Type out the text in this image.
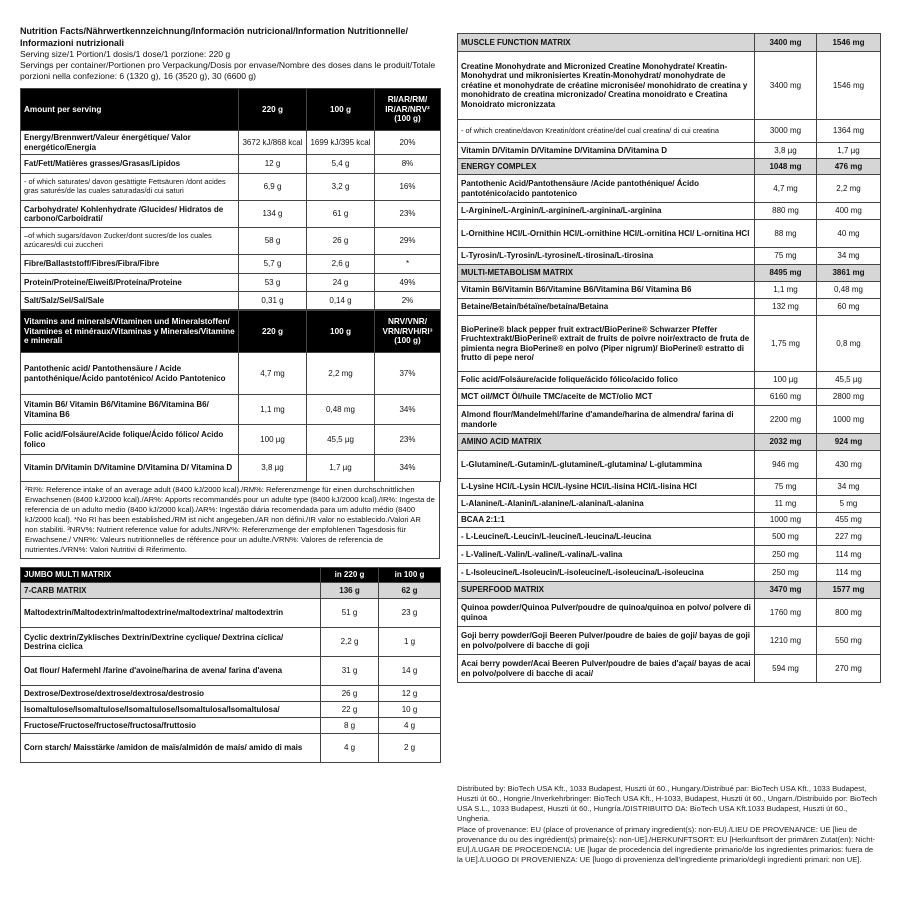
Nutrition Facts/Nährwertkennzeichnung/Información nutricional/Information Nutritionnelle/ Informazioni nutrizionali
Serving size/1 Portion/1 dosis/1 dose/1 porzione: 220 g
Servings per container/Portionen pro Verpackung/Dosis por envase/Nombre des doses dans le produit/Totale porzioni nella confezione: 6 (1320 g), 16 (3520 g), 30 (6600 g)
Amount per serving	220 g	100 g	RI/AR/RM/ IR/AR/NRV² (100 g)
Energy/Brennwert/Valeur énergétique/ Valor energético/Energia	3672 kJ/868 kcal	1699 kJ/395 kcal	20%
Fat/Fett/Matières grasses/Grasas/Lipidos	12 g	5,4 g	8%
- of which saturates/ davon gesättigte Fettsäuren /dont acides gras saturés/de las cuales saturadas/di cui saturi	6,9 g	3,2 g	16%
Carbohydrate/ Kohlenhydrate /Glucides/ Hidratos de carbono/Carboidrati/	134 g	61 g	23%
–of which sugars/davon Zucker/dont sucres/de los cuales azúcares/di cui zuccheri	58 g	26 g	29%
Fibre/Ballaststoff/Fibres/Fibra/Fibre	5,7 g	2,6 g	*
Protein/Proteine/Eiweiß/Proteína/Proteine	53 g	24 g	49%
Salt/Salz/Sel/Sal/Sale	0,31 g	0,14 g	2%
Vitamins and minerals/Vitaminen und Mineralstoffen/ Vitamines et minéraux/Vitaminas y Minerales/Vitamine e minerali	220 g	100 g	NRV/VNR/ VRN/RVH/RI³ (100 g)
Pantothenic acid/ Pantothensäure / Acide pantothénique/Ácido pantoténico/ Acido Pantotenico	4,7 mg	2,2 mg	37%
Vitamin B6/ Vitamin B6/Vitamine B6/Vitamina B6/ Vitamina B6	1,1 mg	0,48 mg	34%
Folic acid/Folsäure/Acide folique/Ácido fólico/ Acido folico	100 µg	45,5 µg	23%
Vitamin D/Vitamin D/Vitamine D/Vitamina D/ Vitamina D	3,8 µg	1,7 µg	34%
²RI%: Reference intake of an average adult (8400 kJ/2000 kcal)./RM%: Referenzmenge für einen durchschnittlichen Erwachsenen (8400 kJ/2000 kcal)./AR%: Apports recommandés pour un adulte type (8400 kJ/2000 kcal)./IR%: Ingesta de referencia de un adulto medio (8400 kJ/2000 kcal)./AR%: Ingestão diária recomendada para um adulto médio (8400 kJ/2000 kcal). *No RI has been established./RM ist nicht angegeben./AR non défini./IR valor no establecido./Valori AR non stabiliti. ³NRV%: Nutrient reference value for adults./NRV%: Referenzmenge der empfohlenen Tagesdosis für Erwachsene./ VNR%: Valeurs nutritionnelles de référence pour un adulte./VRN%: Valores de referencia de nutrientes./VRN%: Valori Nutritivi di Riferimento.
JUMBO MULTI MATRIX	in 220 g	in 100 g
7-CARB MATRIX	136 g	62 g
Maltodextrin/Maltodextrin/maltodextrine/maltodextrina/ maltodextrin	51 g	23 g
Cyclic dextrin/Zyklisches Dextrin/Dextrine cyclique/ Dextrina cíclica/ Destrina ciclica	2,2 g	1 g
Oat flour/ Hafermehl /farine d'avoine/harina de avena/ farina d'avena	31 g	14 g
Dextrose/Dextrose/dextrose/dextrosa/destrosio	26 g	12 g
Isomaltulose/Isomaltulose/Isomaltulose/Isomaltulosa/Isomaltulosa/	22 g	10 g
Fructose/Fructose/fructose/fructosa/fruttosio	8 g	4 g
Corn starch/ Maisstärke /amidon de maïs/almidón de maís/ amido di mais	4 g	2 g
MUSCLE FUNCTION MATRIX	3400 mg	1546 mg
Creatine Monohydrate and Micronized Creatine Monohydrate/ Kreatin-Monohydrat und mikronisiertes Kreatin-Monohydrat/ monohydrate de créatine et monohydrate de créatine micronisée/ monohidrato de creatina y monohidrato de creatina micronizado/ Creatina monoidrato e Creatina Monoidrato micronizzata	3400 mg	1546 mg
- of which creatine/davon Kreatin/dont créatine/del cual creatina/ di cui creatina	3000 mg	1364 mg
Vitamin D/Vitamin D/Vitamine D/Vitamina D/Vitamina D	3,8 µg	1,7 µg
ENERGY COMPLEX	1048 mg	476 mg
Pantothenic Acid/Pantothensäure /Acide pantothénique/ Ácido pantoténico/acido pantotenico	4,7 mg	2,2 mg
L-Arginine/L-Arginin/L-arginine/L-arginina/L-arginina	880 mg	400 mg
L-Ornithine HCl/L-Ornithin HCl/L-ornithine HCl/L-ornitina HCl/ L-ornitina HCl	88 mg	40 mg
L-Tyrosin/L-Tyrosin/L-tyrosine/L-tirosina/L-tirosina	75 mg	34 mg
MULTI-METABOLISM MATRIX	8495 mg	3861 mg
Vitamin B6/Vitamin B6/Vitamine B6/Vitamina B6/ Vitamina B6	1,1 mg	0,48 mg
Betaine/Betain/bétaïne/betaína/Betaina	132 mg	60 mg
BioPerine® black pepper fruit extract/BioPerine® Schwarzer Pfeffer Fruchtextrakt/BioPerine® extrait de fruits de poivre noir/extracto de fruta de pimienta negra BioPerine® en polvo (Piper nigrum)/ BioPerine® estratto di frutto di pepe nero/	1,75 mg	0,8 mg
Folic acid/Folsäure/acide folique/ácido fólico/acido folico	100 µg	45,5 µg
MCT oil/MCT Öl/huile TMC/aceite de MCT/olio MCT	6160 mg	2800 mg
Almond flour/Mandelmehl/farine d'amande/harina de almendra/ farina di mandorle	2200 mg	1000 mg
AMINO ACID MATRIX	2032 mg	924 mg
L-Glutamine/L-Gutamin/L-glutamine/L-glutamina/ L-glutammina	946 mg	430 mg
L-Lysine HCl/L-Lysin HCl/L-lysine HCl/L-lisina HCl/L-lisina HCl	75 mg	34 mg
L-Alanine/L-Alanin/L-alanine/L-alanina/L-alanina	11 mg	5 mg
BCAA 2:1:1	1000 mg	455 mg
- L-Leucine/L-Leucin/L-leucine/L-leucina/L-leucina	500 mg	227 mg
- L-Valine/L-Valin/L-valine/L-valina/L-valina	250 mg	114 mg
- L-Isoleucine/L-Isoleucin/L-isoleucine/L-isoleucina/L-isoleucina	250 mg	114 mg
SUPERFOOD MATRIX	3470 mg	1577 mg
Quinoa powder/Quinoa Pulver/poudre de quinoa/quinoa en polvo/ polvere di quinoa	1760 mg	800 mg
Goji berry powder/Goji Beeren Pulver/poudre de baies de goji/ bayas de goji en polvo/polvere di bacche di goji	1210 mg	550 mg
Acai berry powder/Acai Beeren Pulver/poudre de baies d'açaí/ bayas de acai en polvo/polvere di bacche di acai/	594 mg	270 mg
Distributed by: BioTech USA Kft., 1033 Budapest, Huszti út 60., Hungary./Distribué par: BioTech USA Kft., 1033 Budapest, Huszti út 60., Hongrie./Inverkehrbringer: BioTech USA Kft., H-1033, Budapest, Huszti út 60., Ungarn./Distribuido por: BioTech USA S.L., 1033 Budapest, Huszti út 60., Hungría./DISTRIBUITO DA: BioTech USA Kft.1033 Budapest, Huszti út 60., Ungheria.
Place of provenance: EU (place of provenance of primary ingredient(s): non-EU)./LIEU DE PROVENANCE: UE [lieu de provenance du ou des ingrédient(s) primaire(s): non-UE]./HERKUNFTSORT: EU [Herkunftsort der primären Zutat(en): Nicht-EU]./LUGAR DE PROCEDENCIA: UE [lugar de procedencia del ingrediente primario/de los ingredientes primarios: fuera de la UE]./LUOGO DI PROVENIENZA: UE [luogo di provenienza dell'ingrediente primario/degli ingredienti primari: non UE].
